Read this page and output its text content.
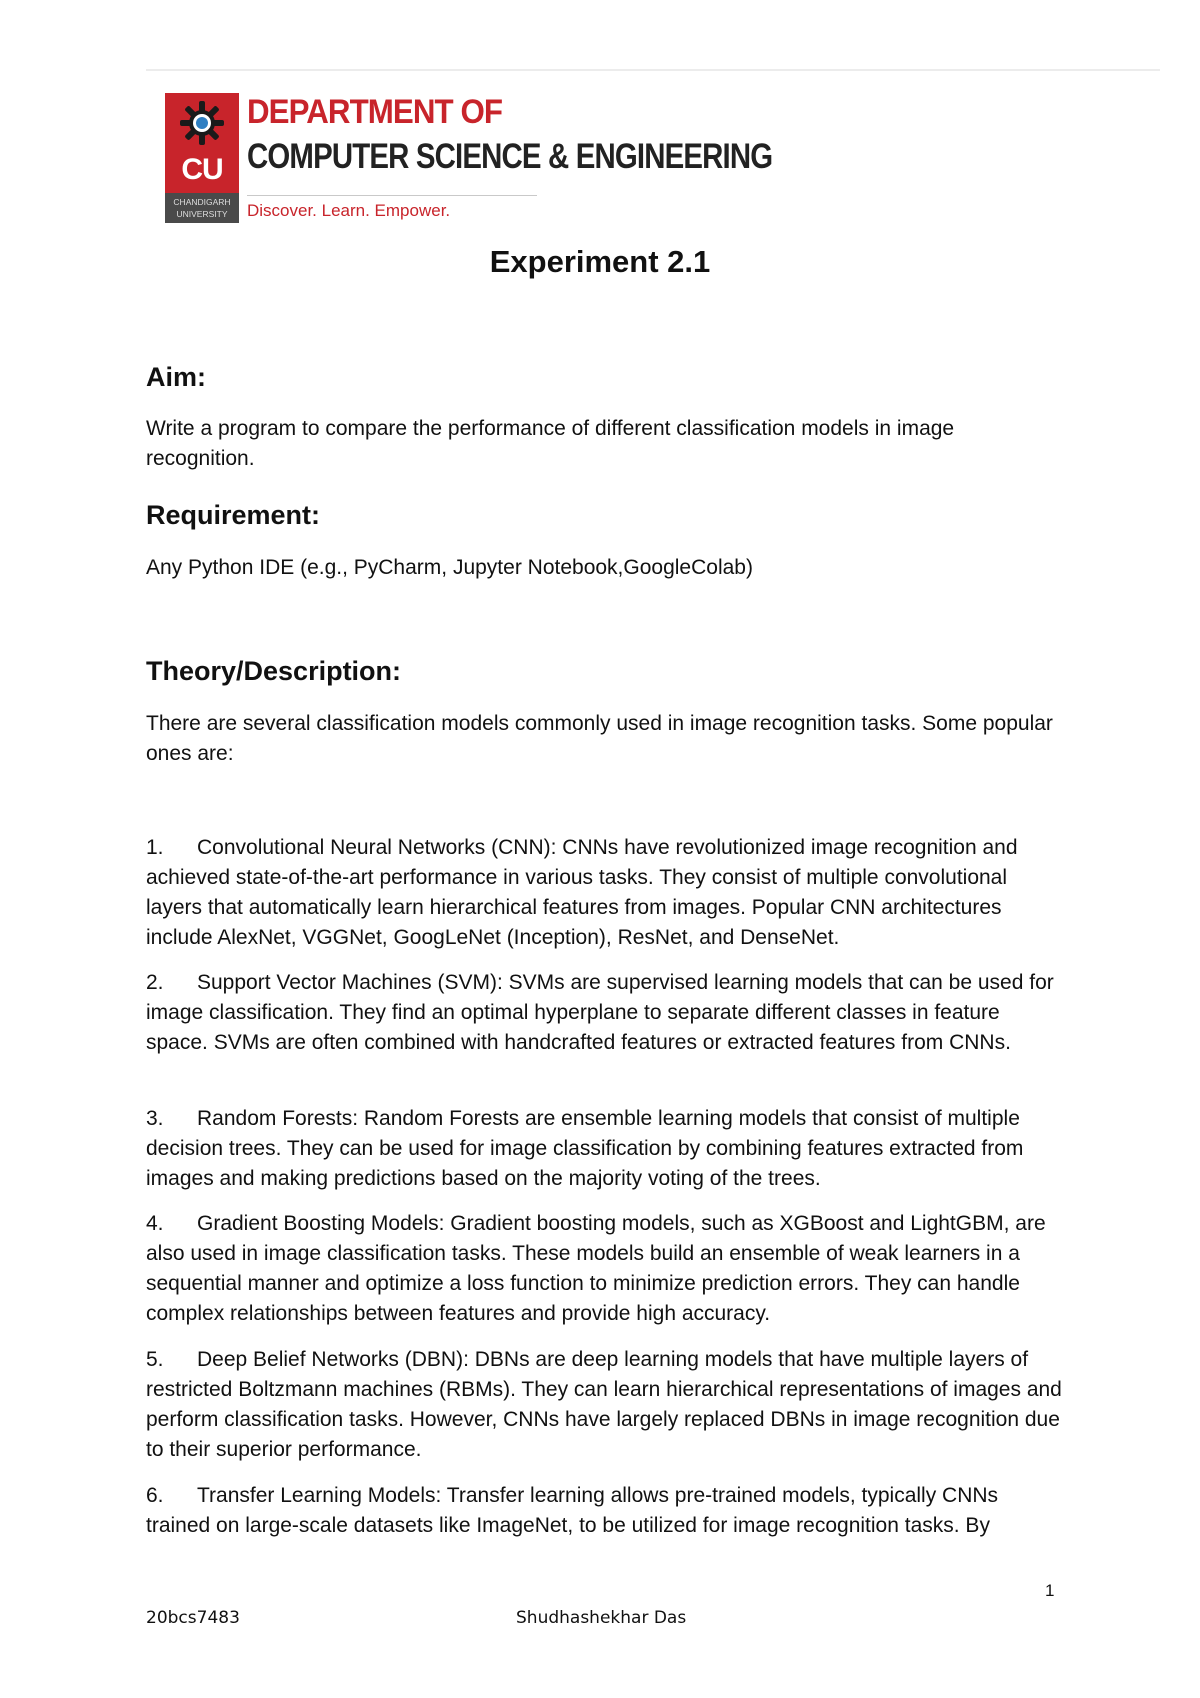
CU
CHANDIGARH UNIVERSITY
DEPARTMENT OF
COMPUTER SCIENCE & ENGINEERING
Discover. Learn. Empower.
Experiment 2.1
Aim:
Write a program to compare the performance of different classification models in image recognition.
Requirement:
Any Python IDE (e.g., PyCharm, Jupyter Notebook,GoogleColab)
Theory/Description:
There are several classification models commonly used in image recognition tasks. Some popular ones are:
1. Convolutional Neural Networks (CNN): CNNs have revolutionized image recognition and achieved state-of-the-art performance in various tasks. They consist of multiple convolutional layers that automatically learn hierarchical features from images. Popular CNN architectures include AlexNet, VGGNet, GoogLeNet (Inception), ResNet, and DenseNet.
2. Support Vector Machines (SVM): SVMs are supervised learning models that can be used for image classification. They find an optimal hyperplane to separate different classes in feature space. SVMs are often combined with handcrafted features or extracted features from CNNs.
3. Random Forests: Random Forests are ensemble learning models that consist of multiple decision trees. They can be used for image classification by combining features extracted from images and making predictions based on the majority voting of the trees.
4. Gradient Boosting Models: Gradient boosting models, such as XGBoost and LightGBM, are also used in image classification tasks. These models build an ensemble of weak learners in a sequential manner and optimize a loss function to minimize prediction errors. They can handle complex relationships between features and provide high accuracy.
5. Deep Belief Networks (DBN): DBNs are deep learning models that have multiple layers of restricted Boltzmann machines (RBMs). They can learn hierarchical representations of images and perform classification tasks. However, CNNs have largely replaced DBNs in image recognition due to their superior performance.
6. Transfer Learning Models: Transfer learning allows pre-trained models, typically CNNs trained on large-scale datasets like ImageNet, to be utilized for image recognition tasks. By
1
20bcs7483	Shudhashekhar Das
